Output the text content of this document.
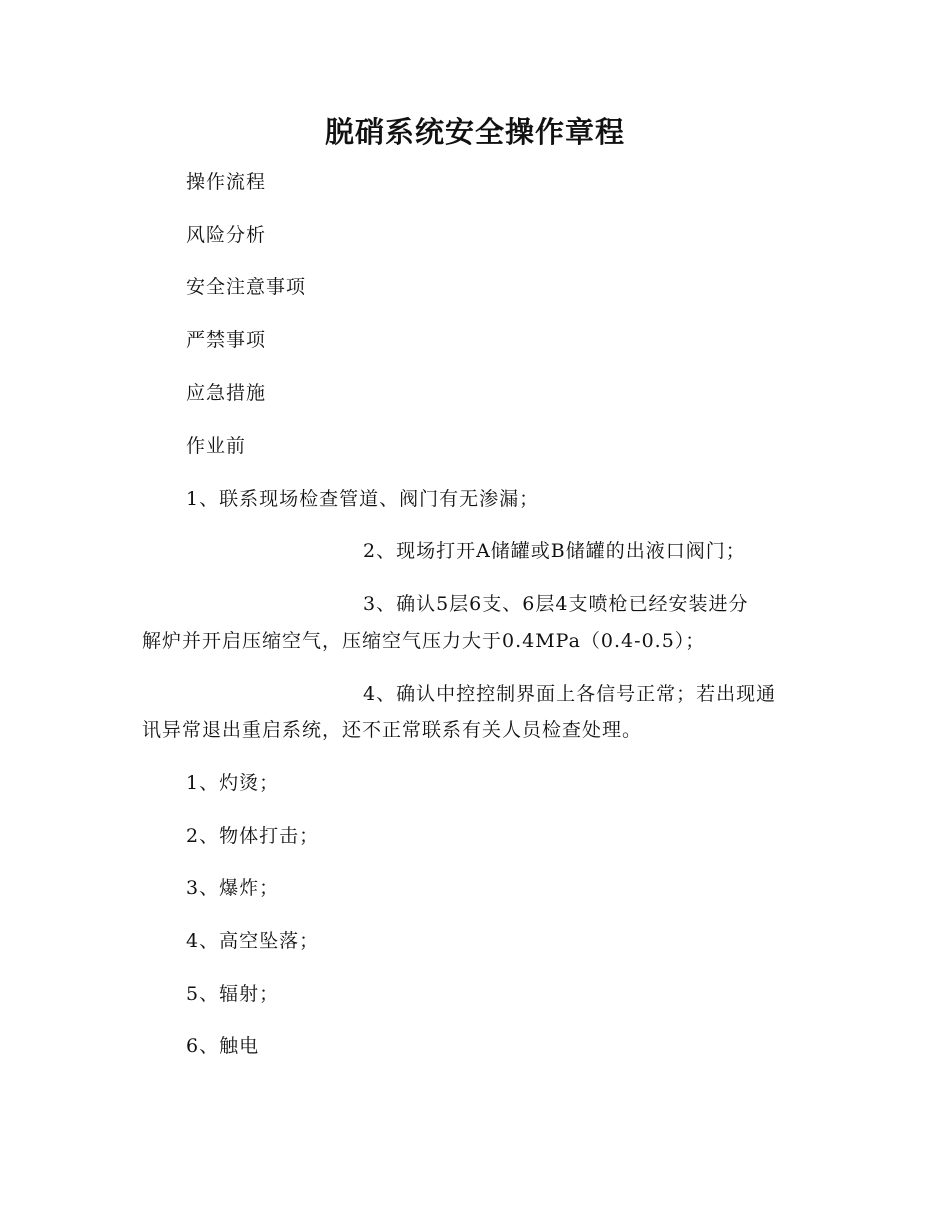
脱硝系统安全操作章程

操作流程

风险分析

安全注意事项

严禁事项

应急措施

作业前

1、联系现场检查管道、阀门有无渗漏；

2、现场打开A储罐或B储罐的出液口阀门；

3、确认5层6支、6层4支喷枪已经安装进分

解炉并开启压缩空气，压缩空气压力大于0.4MPa（0.4-0.5）；

4、确认中控控制界面上各信号正常；若出现通

讯异常退出重启系统，还不正常联系有关人员检查处理。

1、灼烫；

2、物体打击；

3、爆炸；

4、高空坠落；

5、辐射；

6、触电
